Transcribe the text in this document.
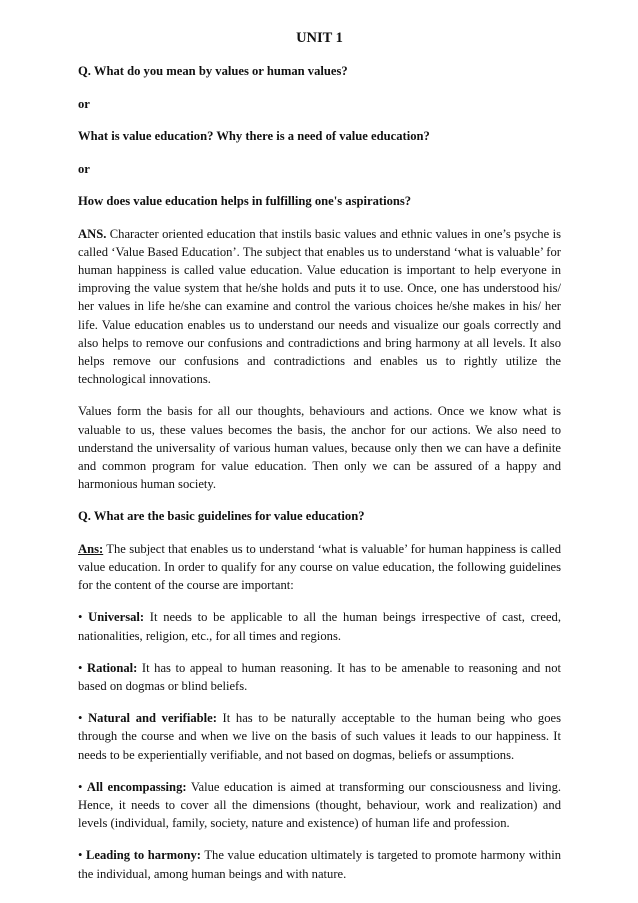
UNIT 1
Q. What do you mean by values or human values?
or
What is value education? Why there is a need of value education?
or
How does value education helps in fulfilling one's aspirations?
ANS. Character oriented education that instils basic values and ethnic values in one’s psyche is called ‘Value Based Education’. The subject that enables us to understand ‘what is valuable’ for human happiness is called value education. Value education is important to help everyone in improving the value system that he/she holds and puts it to use. Once, one has understood his/ her values in life he/she can examine and control the various choices he/she makes in his/ her life. Value education enables us to understand our needs and visualize our goals correctly and also helps to remove our confusions and contradictions and bring harmony at all levels. It also helps remove our confusions and contradictions and enables us to rightly utilize the technological innovations.
Values form the basis for all our thoughts, behaviours and actions. Once we know what is valuable to us, these values becomes the basis, the anchor for our actions. We also need to understand the universality of various human values, because only then we can have a definite and common program for value education. Then only we can be assured of a happy and harmonious human society.
Q. What are the basic guidelines for value education?
Ans: The subject that enables us to understand ‘what is valuable’ for human happiness is called value education. In order to qualify for any course on value education, the following guidelines for the content of the course are important:
• Universal: It needs to be applicable to all the human beings irrespective of cast, creed, nationalities, religion, etc., for all times and regions.
• Rational: It has to appeal to human reasoning. It has to be amenable to reasoning and not based on dogmas or blind beliefs.
• Natural and verifiable: It has to be naturally acceptable to the human being who goes through the course and when we live on the basis of such values it leads to our happiness. It needs to be experientially verifiable, and not based on dogmas, beliefs or assumptions.
• All encompassing: Value education is aimed at transforming our consciousness and living. Hence, it needs to cover all the dimensions (thought, behaviour, work and realization) and levels (individual, family, society, nature and existence) of human life and profession.
• Leading to harmony: The value education ultimately is targeted to promote harmony within the individual, among human beings and with nature.
